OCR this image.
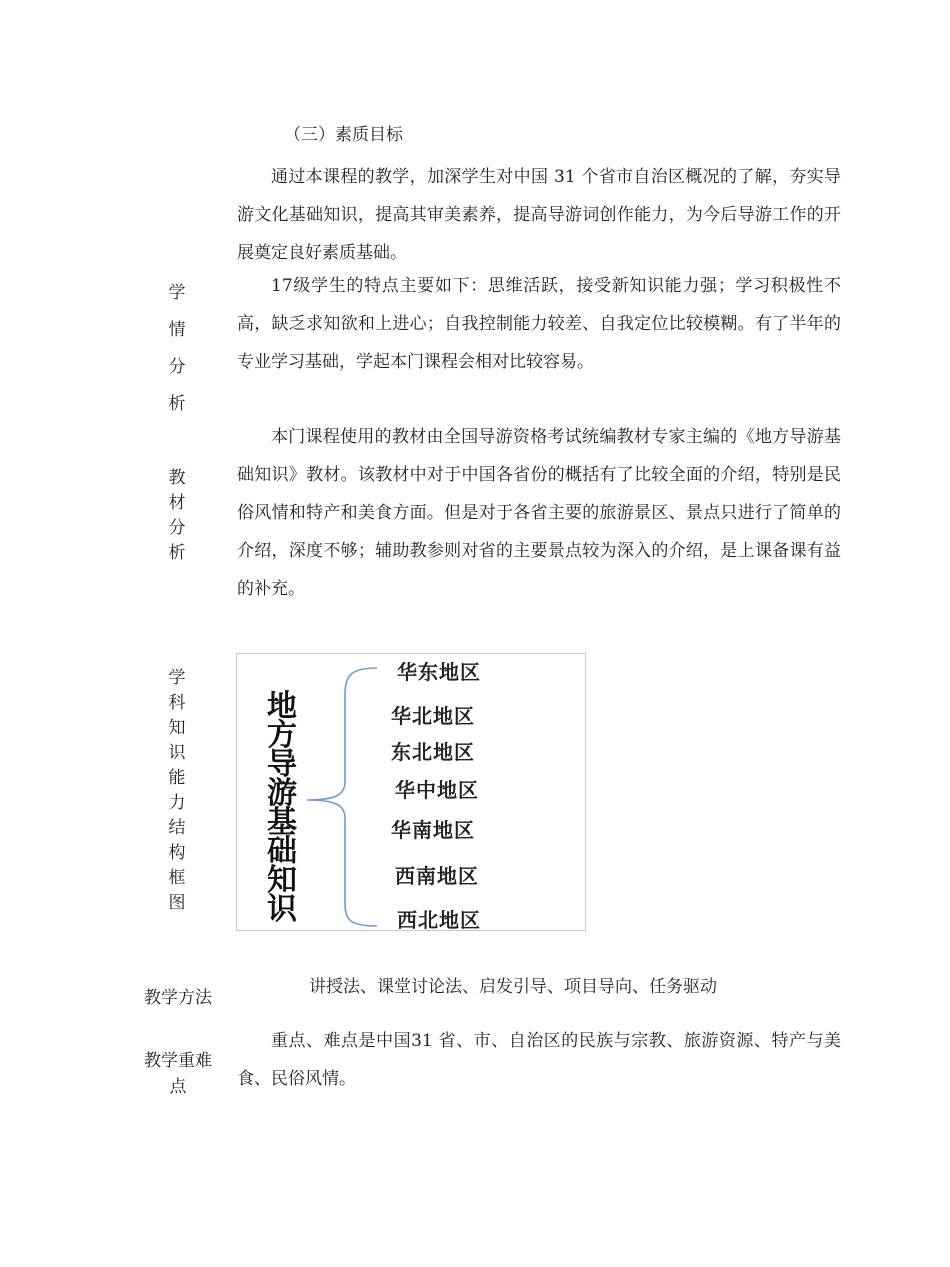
（三）素质目标
通过本课程的教学，加深学生对中国 31 个省市自治区概况的了解，夯实导游文化基础知识，提高其审美素养，提高导游词创作能力，为今后导游工作的开展奠定良好素质基础。
学
情
分
析
17级学生的特点主要如下：思维活跃，接受新知识能力强；学习积极性不高，缺乏求知欲和上进心；自我控制能力较差、自我定位比较模糊。有了半年的专业学习基础，学起本门课程会相对比较容易。
教
材
分
析
本门课程使用的教材由全国导游资格考试统编教材专家主编的《地方导游基础知识》教材。该教材中对于中国各省份的概括有了比较全面的介绍，特别是民俗风情和特产和美食方面。但是对于各省主要的旅游景区、景点只进行了简单的介绍，深度不够；辅助教参则对省的主要景点较为深入的介绍，是上课备课有益的补充。
学
科
知
识
能
力
结
构
框
图
地
方
导
游
基
础
知
识
华东地区
华北地区
东北地区
华中地区
华南地区
西南地区
西北地区
教学方法
讲授法、课堂讨论法、启发引导、项目导向、任务驱动
教学重难
点
重点、难点是中国31 省、市、自治区的民族与宗教、旅游资源、特产与美食、民俗风情。
